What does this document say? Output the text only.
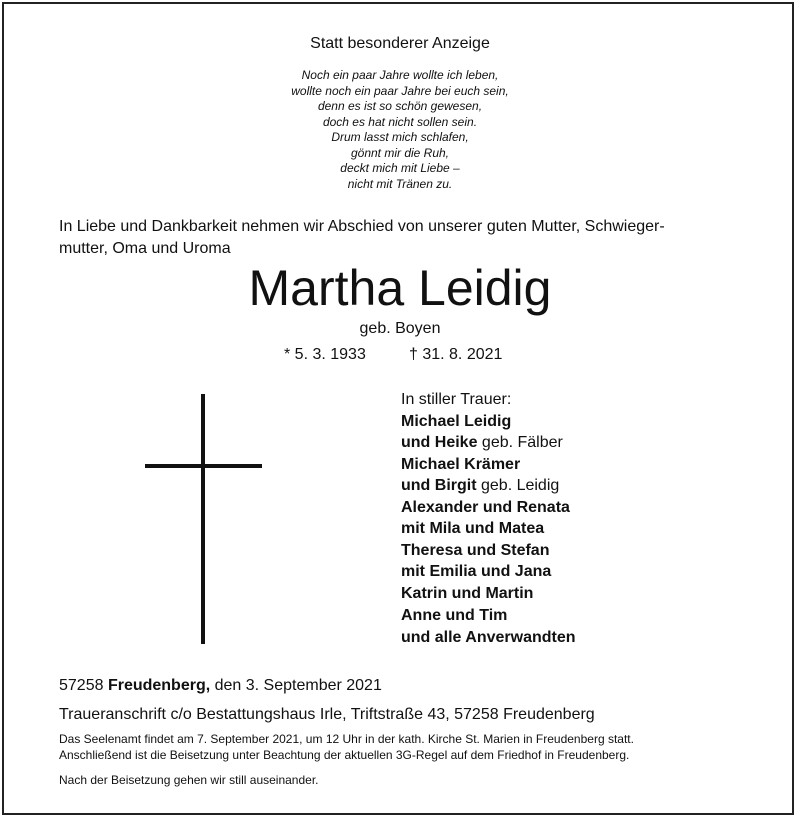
Statt besonderer Anzeige
Noch ein paar Jahre wollte ich leben,
wollte noch ein paar Jahre bei euch sein,
denn es ist so schön gewesen,
doch es hat nicht sollen sein.
Drum lasst mich schlafen,
gönnt mir die Ruh,
deckt mich mit Liebe –
nicht mit Tränen zu.
In Liebe und Dankbarkeit nehmen wir Abschied von unserer guten Mutter, Schwieger-
mutter, Oma und Uroma
Martha Leidig
geb. Boyen
* 5. 3. 1933	† 31. 8. 2021
In stiller Trauer:
Michael Leidig
und Heike geb. Fälber
Michael Krämer
und Birgit geb. Leidig
Alexander und Renata
mit Mila und Matea
Theresa und Stefan
mit Emilia und Jana
Katrin und Martin
Anne und Tim
und alle Anverwandten
57258 Freudenberg, den 3. September 2021
Traueranschrift c/o Bestattungshaus Irle, Triftstraße 43, 57258 Freudenberg
Das Seelenamt findet am 7. September 2021, um 12 Uhr in der kath. Kirche St. Marien in Freudenberg statt.
Anschließend ist die Beisetzung unter Beachtung der aktuellen 3G-Regel auf dem Friedhof in Freudenberg.
Nach der Beisetzung gehen wir still auseinander.
